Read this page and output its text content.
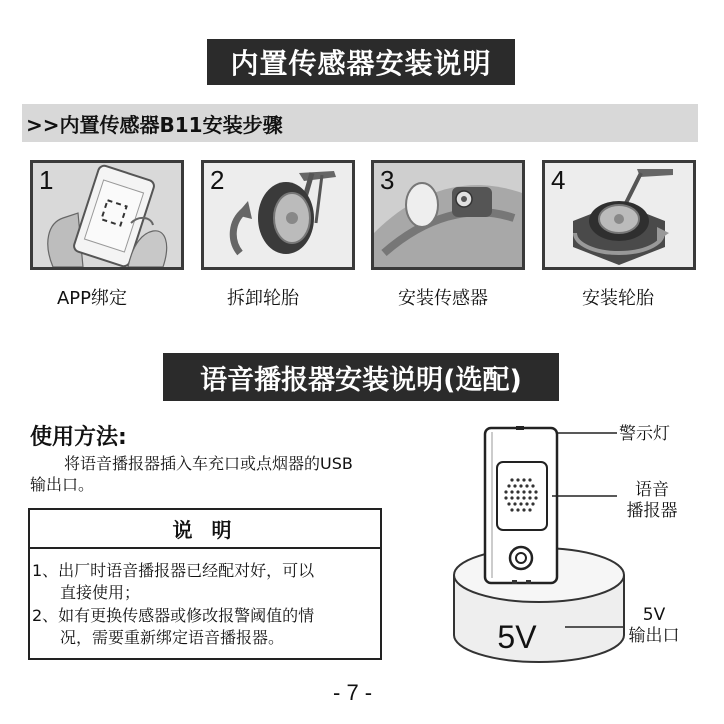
内置传感器安装说明
>>内置传感器B11安装步骤
1	2	3	4
APP绑定	拆卸轮胎	安装传感器	安装轮胎
语音播报器安装说明(选配)
使用方法:
将语音播报器插入车充口或点烟器的USB
输出口。
说 明
1、出厂时语音播报器已经配对好，可以
直接使用；
2、如有更换传感器或修改报警阈值的情
况，需要重新绑定语音播报器。	5V
警示灯
语音
播报器
5V
输出口
- 7 -
